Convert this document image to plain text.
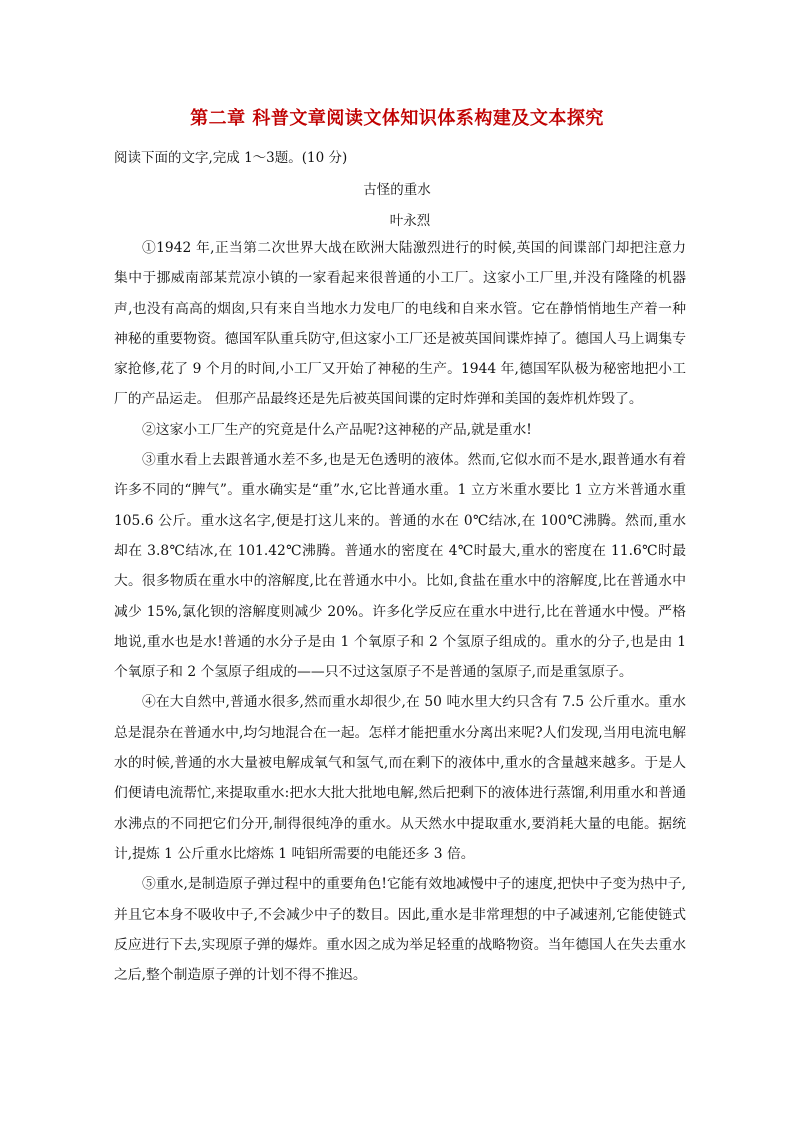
第二章 科普文章阅读文体知识体系构建及文本探究
阅读下面的文字,完成 1～3题。(10 分)
古怪的重水
叶永烈

①1942 年,正当第二次世界大战在欧洲大陆激烈进行的时候,英国的间谍部门却把注意力集中于挪威南部某荒凉小镇的一家看起来很普通的小工厂。这家小工厂里,并没有隆隆的机器声,也没有高高的烟囱,只有来自当地水力发电厂的电线和自来水管。它在静悄悄地生产着一种神秘的重要物资。德国军队重兵防守,但这家小工厂还是被英国间谍炸掉了。德国人马上调集专家抢修,花了 9 个月的时间,小工厂又开始了神秘的生产。1944 年,德国军队极为秘密地把小工厂的产品运走。 但那产品最终还是先后被英国间谍的定时炸弹和美国的轰炸机炸毁了。

②这家小工厂生产的究竟是什么产品呢?这神秘的产品,就是重水!

③重水看上去跟普通水差不多,也是无色透明的液体。然而,它似水而不是水,跟普通水有着许多不同的“脾气”。重水确实是“重”水,它比普通水重。1 立方米重水要比 1 立方米普通水重 105.6 公斤。重水这名字,便是打这儿来的。普通的水在 0℃结冰,在 100℃沸腾。然而,重水却在 3.8℃结冰,在 101.42℃沸腾。普通水的密度在 4℃时最大,重水的密度在 11.6℃时最大。很多物质在重水中的溶解度,比在普通水中小。比如,食盐在重水中的溶解度,比在普通水中减少 15%,氯化钡的溶解度则减少 20%。许多化学反应在重水中进行,比在普通水中慢。严格地说,重水也是水!普通的水分子是由 1 个氧原子和 2 个氢原子组成的。重水的分子,也是由 1 个氧原子和 2 个氢原子组成的——只不过这氢原子不是普通的氢原子,而是重氢原子。

④在大自然中,普通水很多,然而重水却很少,在 50 吨水里大约只含有 7.5 公斤重水。重水总是混杂在普通水中,均匀地混合在一起。怎样才能把重水分离出来呢?人们发现,当用电流电解水的时候,普通的水大量被电解成氧气和氢气,而在剩下的液体中,重水的含量越来越多。于是人们便请电流帮忙,来提取重水:把水大批大批地电解,然后把剩下的液体进行蒸馏,利用重水和普通水沸点的不同把它们分开,制得很纯净的重水。从天然水中提取重水,要消耗大量的电能。据统计,提炼 1 公斤重水比熔炼 1 吨铝所需要的电能还多 3 倍。

⑤重水,是制造原子弹过程中的重要角色!它能有效地减慢中子的速度,把快中子变为热中子,并且它本身不吸收中子,不会减少中子的数目。因此,重水是非常理想的中子减速剂,它能使链式反应进行下去,实现原子弹的爆炸。重水因之成为举足轻重的战略物资。当年德国人在失去重水之后,整个制造原子弹的计划不得不推迟。
